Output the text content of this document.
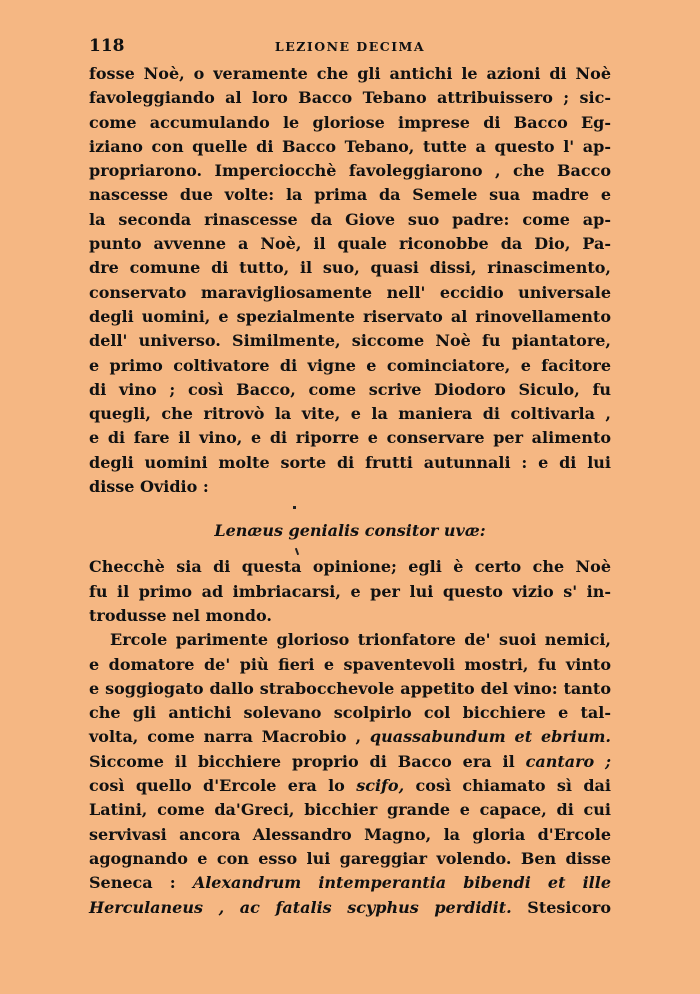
118	LEZIONE DECIMA

fosse Noè, o veramente che gli antichi le azioni di Noè
favoleggiando al loro Bacco Tebano attribuissero ; sic-
come accumulando le gloriose imprese di Bacco Eg-
iziano con quelle di Bacco Tebano, tutte a questo l' ap-
propriarono. Imperciocchè favoleggiarono , che Bacco
nascesse due volte: la prima da Semele sua madre e
la seconda rinascesse da Giove suo padre: come ap-
punto avvenne a Noè, il quale riconobbe da Dio, Pa-
dre comune di tutto, il suo, quasi dissi, rinascimento,
conservato maravigliosamente nell' eccidio universale
degli uomini, e spezialmente riservato al rinovellamento
dell' universo. Similmente, siccome Noè fu piantatore,
e primo coltivatore di vigne e cominciatore, e facitore
di vino ; così Bacco, come scrive Diodoro Siculo, fu
quegli, che ritrovò la vite, e la maniera di coltivarla ,
e di fare il vino, e di riporre e conservare per alimento
degli uomini molte sorte di frutti autunnali : e di lui
disse Ovidio :

Lenæus genialis consitor uvæ:

Checchè sia di questa opinione; egli è certo che Noè
fu il primo ad imbriacarsi, e per lui questo vizio s' in-
trodusse nel mondo.

Ercole parimente glorioso trionfatore de' suoi nemici,
e domatore de' più fieri e spaventevoli mostri, fu vinto
e soggiogato dallo strabocchevole appetito del vino: tanto
che gli antichi solevano scolpirlo col bicchiere e tal-
volta, come narra Macrobio , quassabundum et ebrium.
Siccome il bicchiere proprio di Bacco era il cantaro ;
così quello d'Ercole era lo scifo, così chiamato sì dai
Latini, come da'Greci, bicchier grande e capace, di cui
servivasi ancora Alessandro Magno, la gloria d'Ercole
agognando e con esso lui gareggiar volendo. Ben disse
Seneca : Alexandrum intemperantia bibendi et ille
Herculaneus , ac fatalis scyphus perdidit. Stesicoro
